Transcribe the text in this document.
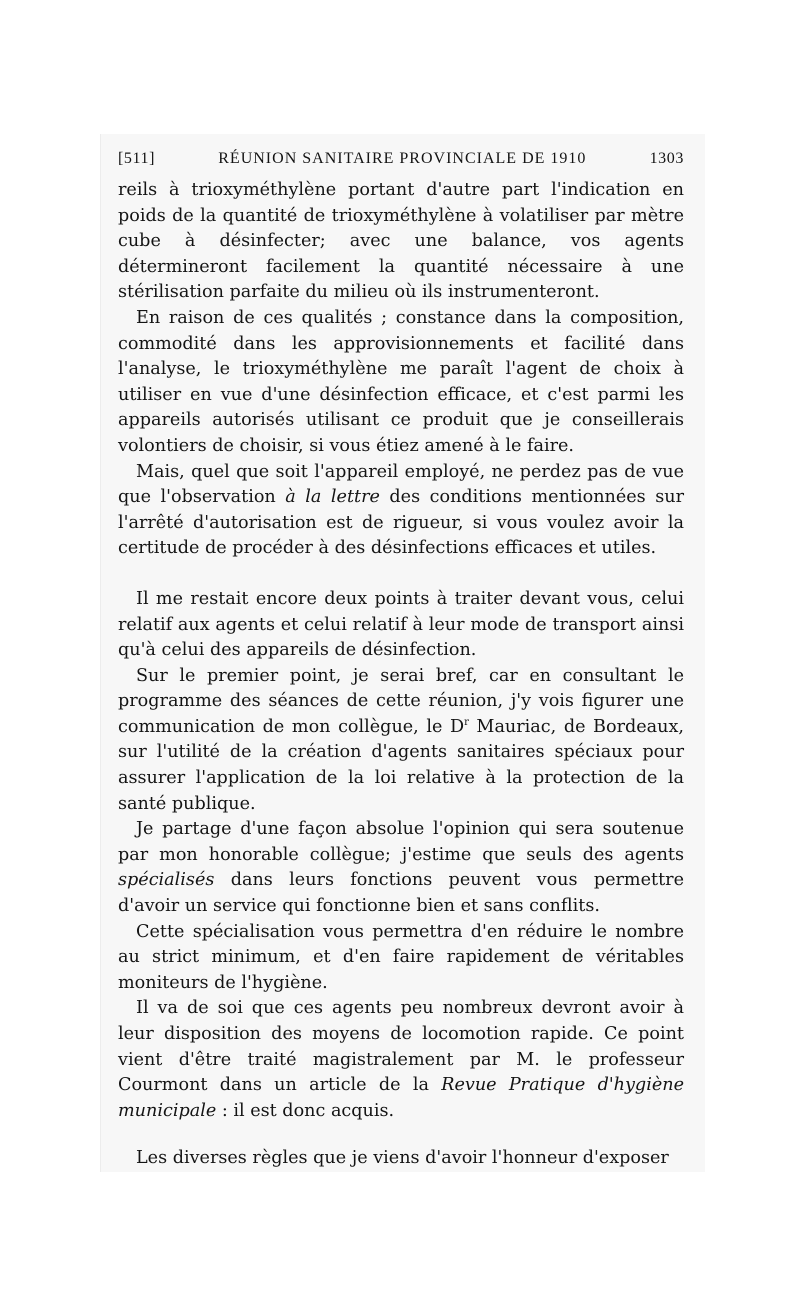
[511]	RÉUNION SANITAIRE PROVINCIALE DE 1910	1303

reils à trioxyméthylène portant d'autre part l'indication en poids de la quantité de trioxyméthylène à volatiliser par mètre cube à désinfecter; avec une balance, vos agents détermineront facilement la quantité nécessaire à une stérilisation parfaite du milieu où ils instrumenteront.

En raison de ces qualités ; constance dans la composition, commodité dans les approvisionnements et facilité dans l'analyse, le trioxyméthylène me paraît l'agent de choix à utiliser en vue d'une désinfection efficace, et c'est parmi les appareils autorisés utilisant ce produit que je conseillerais volontiers de choisir, si vous étiez amené à le faire.

Mais, quel que soit l'appareil employé, ne perdez pas de vue que l'observation à la lettre des conditions mentionnées sur l'arrêté d'autorisation est de rigueur, si vous voulez avoir la certitude de procéder à des désinfections efficaces et utiles.

Il me restait encore deux points à traiter devant vous, celui relatif aux agents et celui relatif à leur mode de transport ainsi qu'à celui des appareils de désinfection.

Sur le premier point, je serai bref, car en consultant le programme des séances de cette réunion, j'y vois figurer une communication de mon collègue, le $D^r$ Mauriac, de Bordeaux, sur l'utilité de la création d'agents sanitaires spéciaux pour assurer l'application de la loi relative à la protection de la santé publique.

Je partage d'une façon absolue l'opinion qui sera soutenue par mon honorable collègue; j'estime que seuls des agents spécialisés dans leurs fonctions peuvent vous permettre d'avoir un service qui fonctionne bien et sans conflits.

Cette spécialisation vous permettra d'en réduire le nombre au strict minimum, et d'en faire rapidement de véritables moniteurs de l'hygiène.

Il va de soi que ces agents peu nombreux devront avoir à leur disposition des moyens de locomotion rapide. Ce point vient d'être traité magistralement par M. le professeur Courmont dans un article de la Revue Pratique d'hygiène municipale : il est donc acquis.

Les diverses règles que je viens d'avoir l'honneur d'exposer
